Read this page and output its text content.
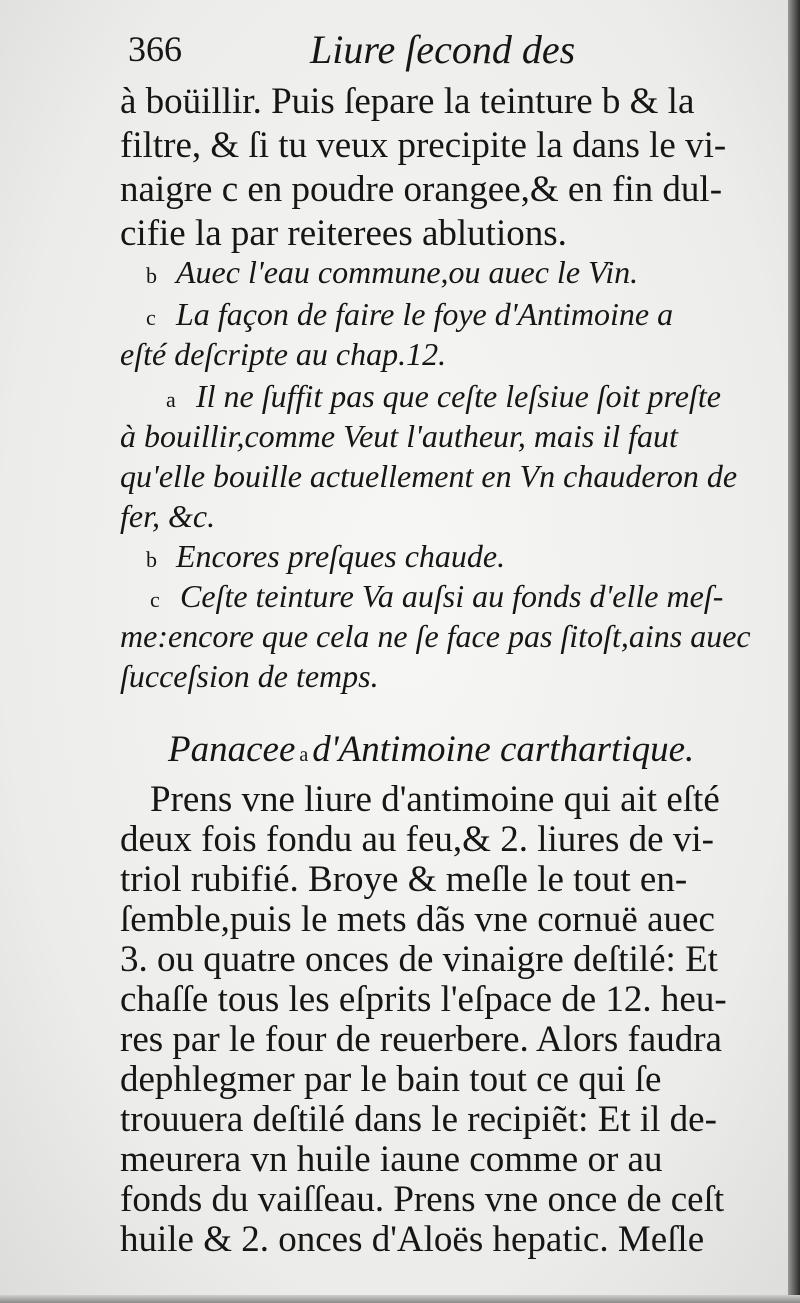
366	Liure ſecond des
à boüillir. Puis ſepare la teinture b & la
filtre, & ſi tu veux precipite la dans le vi-
naigre c en poudre orangee,& en fin dul-
cifie la par reiterees ablutions.
b Auec l'eau commune,ou auec le Vin.
c La façon de faire le foye d'Antimoine a
eſté deſcripte au chap.12.
a Il ne ſuffit pas que ceſte leſsiue ſoit preſte
à bouillir,comme Veut l'autheur, mais il faut
qu'elle bouille actuellement en Vn chauderon de
fer, &c.
b Encores preſques chaude.
c Ceſte teinture Va auſsi au fonds d'elle meſ-
me:encore que cela ne ſe face pas ſitoſt,ains auec
ſucceſsion de temps.
Panacee a d'Antimoine carthartique.
Prens vne liure d'antimoine qui ait eſté
deux fois fondu au feu,& 2. liures de vi-
triol rubifié. Broye & meſle le tout en-
ſemble,puis le mets dãs vne cornuë auec
3. ou quatre onces de vinaigre deſtilé: Et
chaſſe tous les eſprits l'eſpace de 12. heu-
res par le four de reuerbere. Alors faudra
dephlegmer par le bain tout ce qui ſe
trouuera deſtilé dans le recipiẽt: Et il de-
meurera vn huile iaune comme or au
fonds du vaiſſeau. Prens vne once de ceſt
huile & 2. onces d'Aloës hepatic. Meſle
